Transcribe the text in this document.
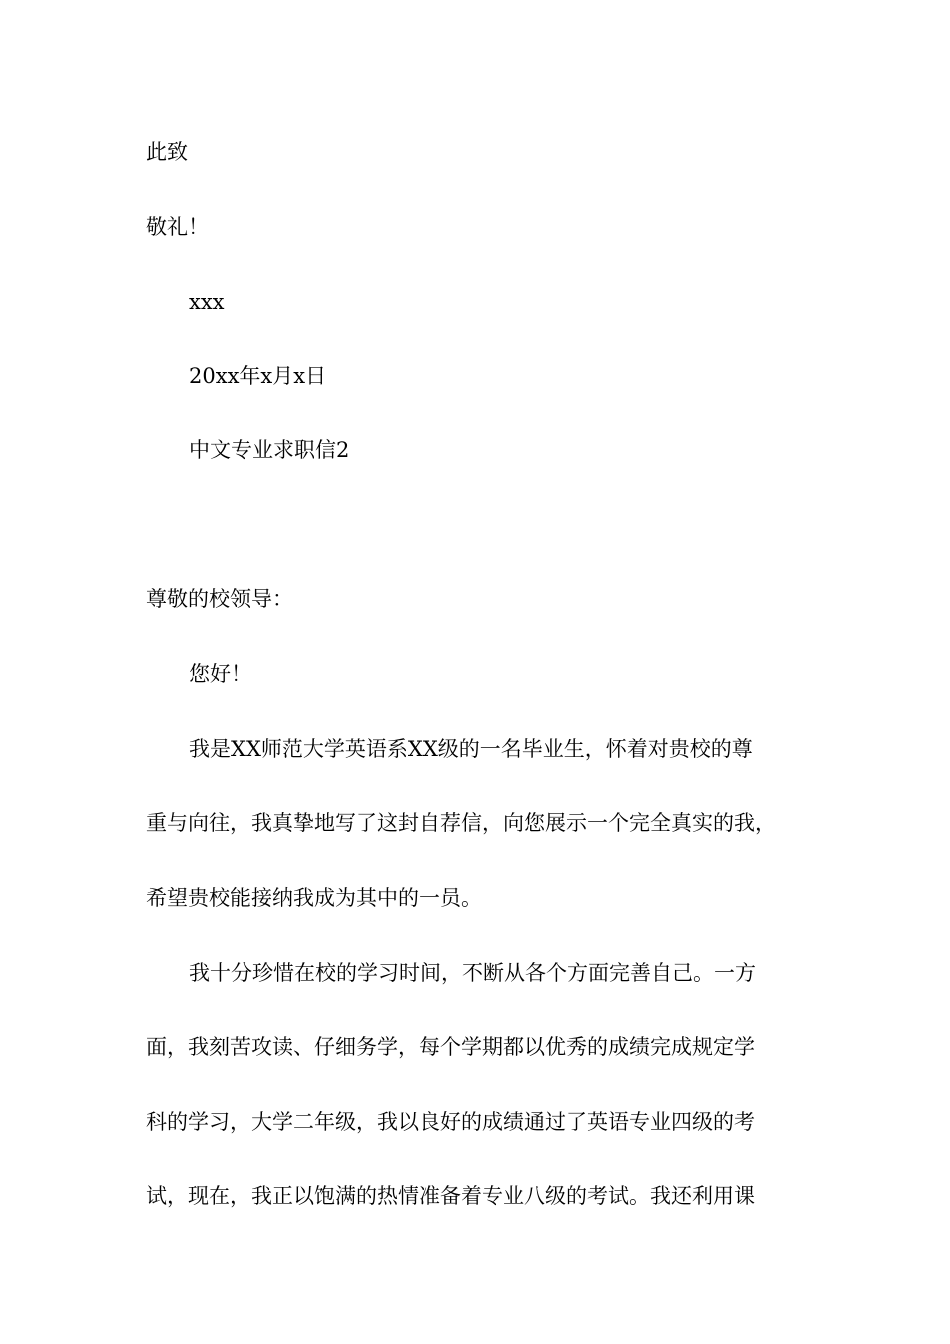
此致
敬礼！
xxx
20xx年x月x日
中文专业求职信2
尊敬的校领导：
您好！
我是XX师范大学英语系XX级的一名毕业生，怀着对贵校的尊
重与向往，我真挚地写了这封自荐信，向您展示一个完全真实的我，
希望贵校能接纳我成为其中的一员。
我十分珍惜在校的学习时间，不断从各个方面完善自己。一方
面，我刻苦攻读、仔细务学，每个学期都以优秀的成绩完成规定学
科的学习，大学二年级，我以良好的成绩通过了英语专业四级的考
试，现在，我正以饱满的热情准备着专业八级的考试。我还利用课
